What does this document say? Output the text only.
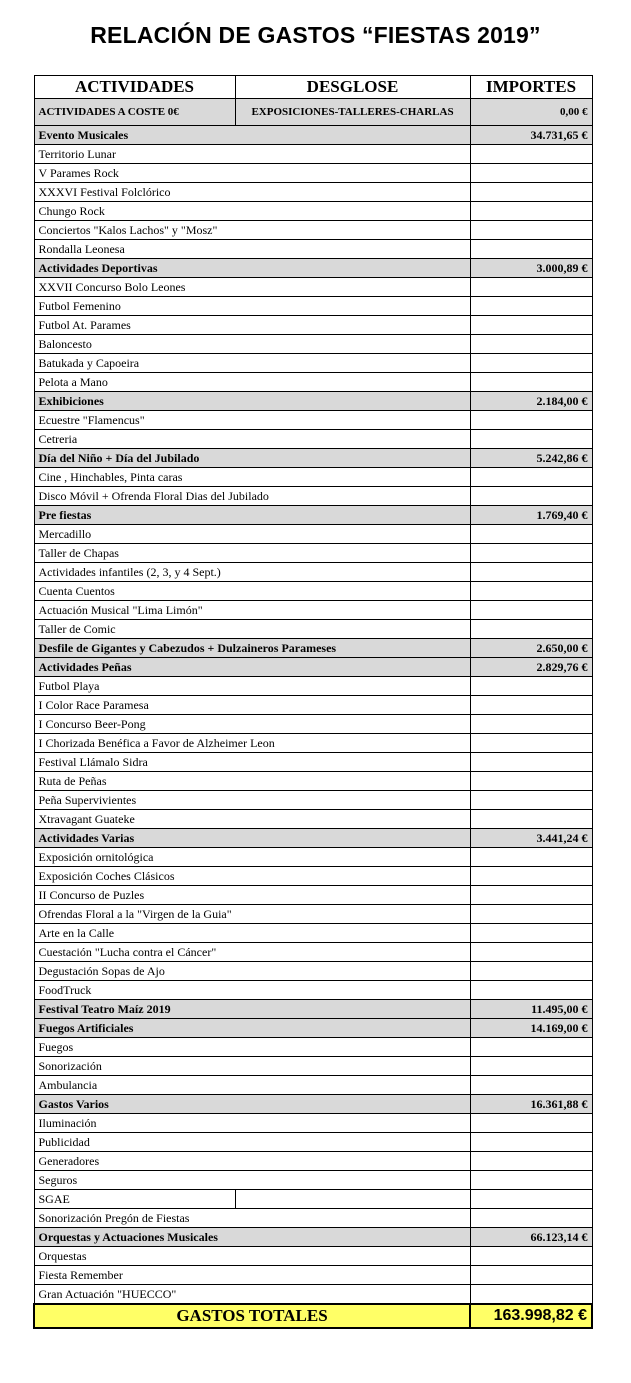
RELACIÓN DE GASTOS “FIESTAS 2019”
ACTIVIDADES	DESGLOSE	IMPORTES
ACTIVIDADES A COSTE 0€	EXPOSICIONES-TALLERES-CHARLAS	0,00 €
Evento Musicales		34.731,65 €
Territorio Lunar		
V Parames Rock		
XXXVI Festival Folclórico		
Chungo Rock		
Conciertos "Kalos Lachos" y "Mosz"		
Rondalla Leonesa		
Actividades Deportivas		3.000,89 €
XXVII Concurso Bolo Leones		
Futbol Femenino		
Futbol At. Parames		
Baloncesto		
Batukada y Capoeira		
Pelota a Mano		
Exhibiciones		2.184,00 €
Ecuestre "Flamencus"		
Cetreria		
Día del Niño + Día del Jubilado		5.242,86 €
Cine , Hinchables, Pinta caras		
Disco Móvil + Ofrenda Floral Dias del Jubilado		
Pre fiestas		1.769,40 €
Mercadillo		
Taller de Chapas		
Actividades infantiles (2, 3, y 4 Sept.)		
Cuenta Cuentos		
Actuación Musical "Lima Limón"		
Taller de Comic		
Desfile de Gigantes y Cabezudos + Dulzaineros Parameses		2.650,00 €
Actividades Peñas		2.829,76 €
Futbol Playa		
I Color Race Paramesa		
I Concurso Beer-Pong		
I Chorizada Benéfica a Favor de Alzheimer Leon		
Festival Llámalo Sidra		
Ruta de Peñas		
Peña Supervivientes		
Xtravagant Guateke		
Actividades Varias		3.441,24 €
Exposición ornitológica		
Exposición Coches Clásicos		
II Concurso de Puzles		
Ofrendas Floral a la "Virgen de la Guia"		
Arte en la Calle		
Cuestación "Lucha contra el Cáncer"		
Degustación Sopas de Ajo		
FoodTruck		
Festival Teatro Maíz 2019		11.495,00 €
Fuegos Artificiales		14.169,00 €
Fuegos		
Sonorización		
Ambulancia		
Gastos Varios		16.361,88 €
Iluminación		
Publicidad		
Generadores		
Seguros		
SGAE		
Sonorización Pregón de Fiestas		
Orquestas y Actuaciones Musicales		66.123,14 €
Orquestas		
Fiesta Remember		
Gran Actuación "HUECCO"		
GASTOS TOTALES		163.998,82 €
